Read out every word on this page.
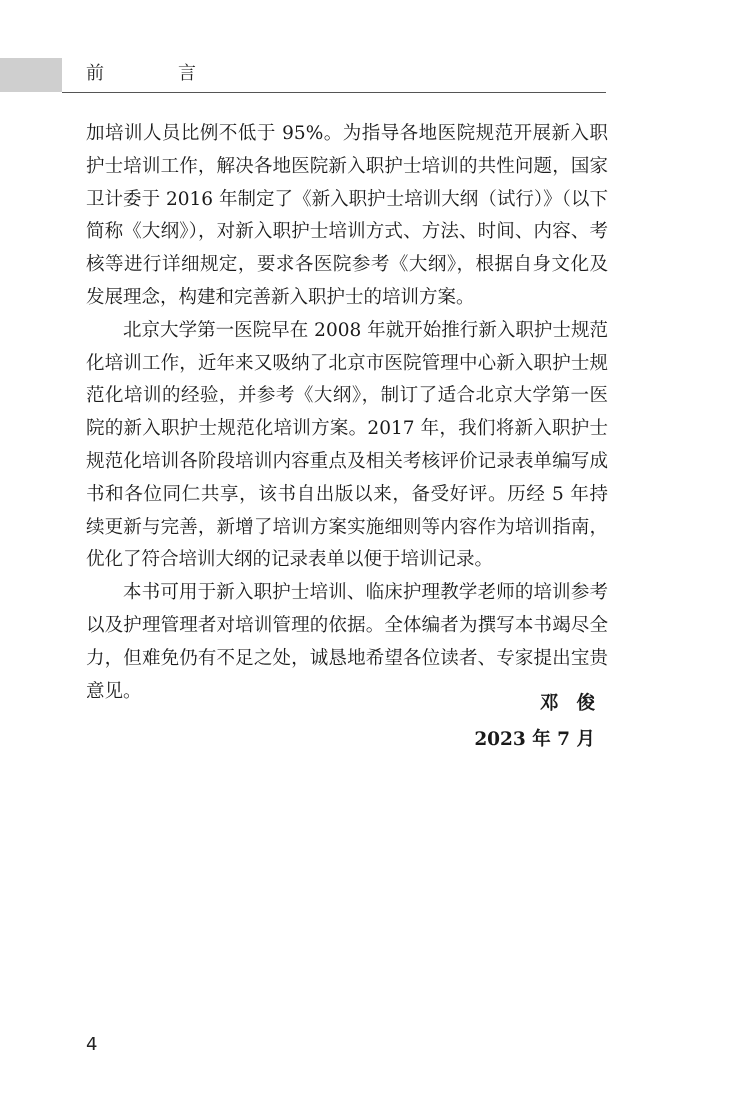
前　言

加培训人员比例不低于 95%。为指导各地医院规范开展新入职护士培训工作，解决各地医院新入职护士培训的共性问题，国家卫计委于 2016 年制定了《新入职护士培训大纲（试行）》（以下简称《大纲》），对新入职护士培训方式、方法、时间、内容、考核等进行详细规定，要求各医院参考《大纲》，根据自身文化及发展理念，构建和完善新入职护士的培训方案。

北京大学第一医院早在 2008 年就开始推行新入职护士规范化培训工作，近年来又吸纳了北京市医院管理中心新入职护士规范化培训的经验，并参考《大纲》，制订了适合北京大学第一医院的新入职护士规范化培训方案。2017 年，我们将新入职护士规范化培训各阶段培训内容重点及相关考核评价记录表单编写成书和各位同仁共享，该书自出版以来，备受好评。历经 5 年持续更新与完善，新增了培训方案实施细则等内容作为培训指南，优化了符合培训大纲的记录表单以便于培训记录。

本书可用于新入职护士培训、临床护理教学老师的培训参考以及护理管理者对培训管理的依据。全体编者为撰写本书竭尽全力，但难免仍有不足之处，诚恳地希望各位读者、专家提出宝贵意见。

邓俊
2023 年 7 月
4
